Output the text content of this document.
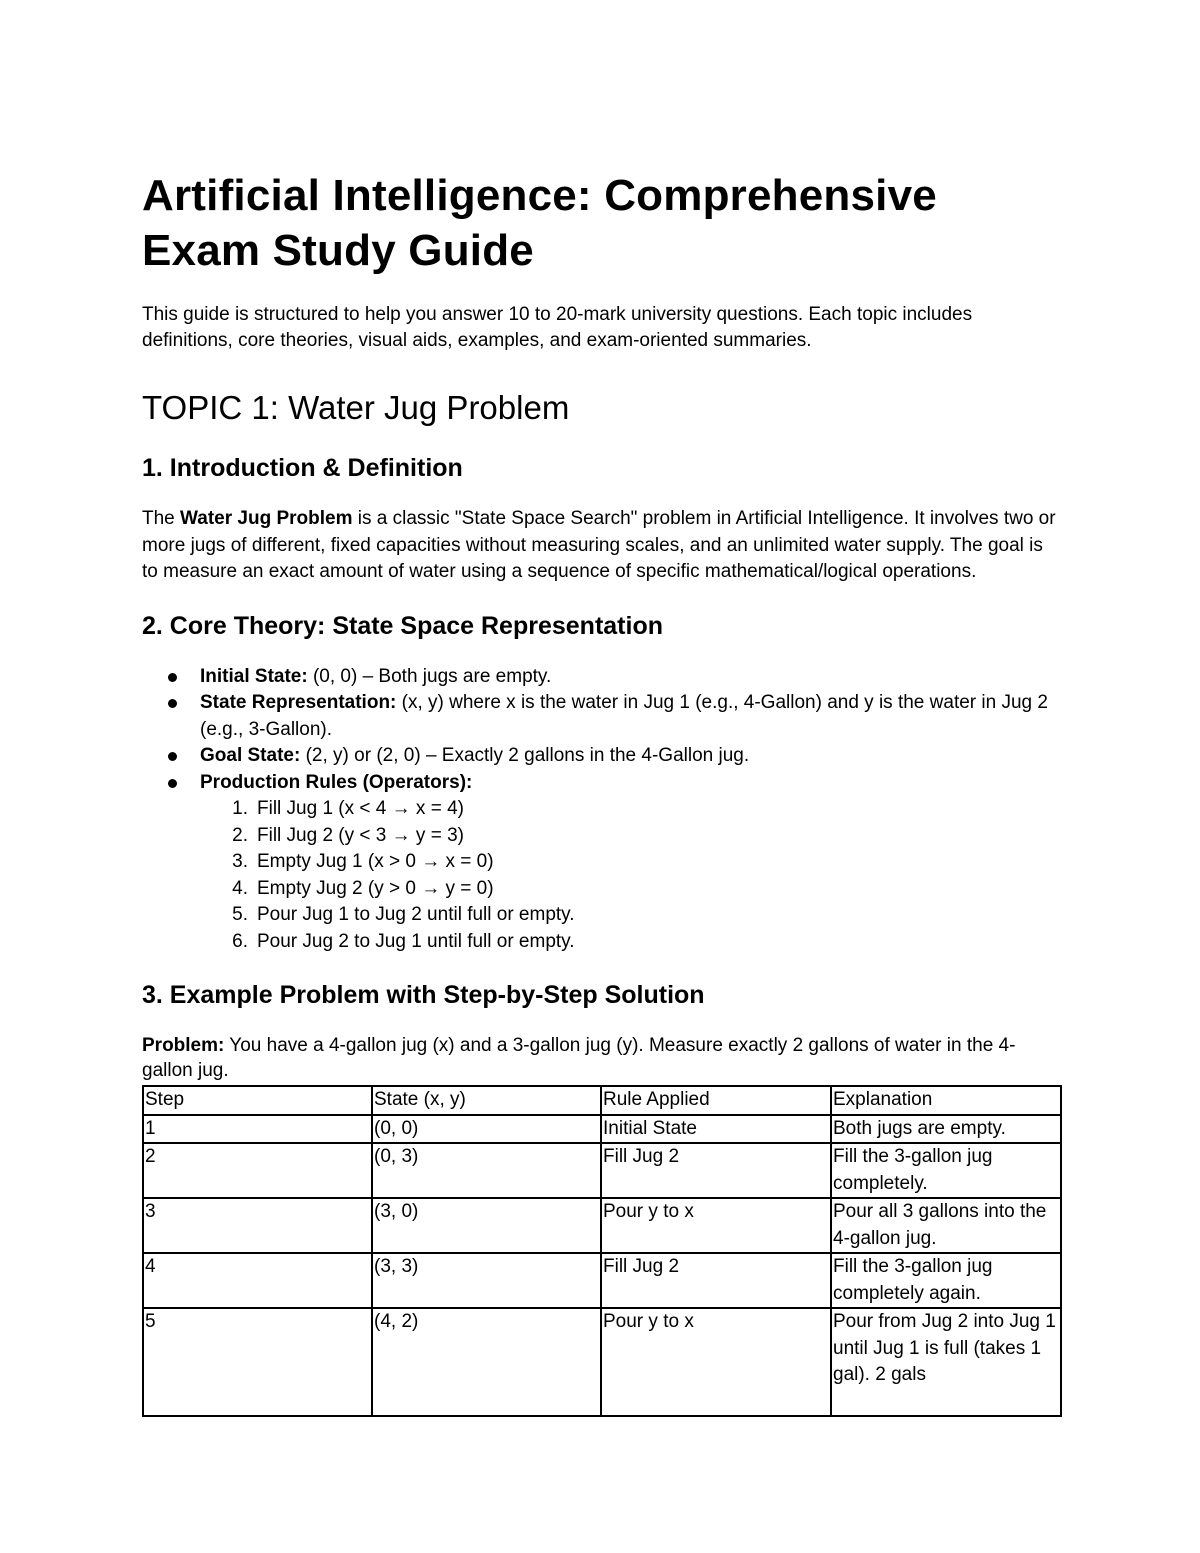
Artificial Intelligence: Comprehensive Exam Study Guide

This guide is structured to help you answer 10 to 20-mark university questions. Each topic includes definitions, core theories, visual aids, examples, and exam-oriented summaries.

TOPIC 1: Water Jug Problem
1. Introduction & Definition

The Water Jug Problem is a classic "State Space Search" problem in Artificial Intelligence. It involves two or more jugs of different, fixed capacities without measuring scales, and an unlimited water supply. The goal is to measure an exact amount of water using a sequence of specific mathematical/logical operations.

2. Core Theory: State Space Representation
Initial State: (0, 0) – Both jugs are empty.
State Representation: (x, y) where x is the water in Jug 1 (e.g., 4-Gallon) and y is the water in Jug 2 (e.g., 3-Gallon).
Goal State: (2, y) or (2, 0) – Exactly 2 gallons in the 4-Gallon jug.
Production Rules (Operators):
1. Fill Jug 1 (x < 4 → x = 4)
2. Fill Jug 2 (y < 3 → y = 3)
3. Empty Jug 1 (x > 0 → x = 0)
4. Empty Jug 2 (y > 0 → y = 0)
5. Pour Jug 1 to Jug 2 until full or empty.
6. Pour Jug 2 to Jug 1 until full or empty.
3. Example Problem with Step-by-Step Solution

Problem: You have a 4-gallon jug (x) and a 3-gallon jug (y). Measure exactly 2 gallons of water in the 4-gallon jug.

Step	State (x, y)	Rule Applied	Explanation
1	(0, 0)	Initial State	Both jugs are empty.
2	(0, 3)	Fill Jug 2	Fill the 3-gallon jug completely.
3	(3, 0)	Pour y to x	Pour all 3 gallons into the 4-gallon jug.
4	(3, 3)	Fill Jug 2	Fill the 3-gallon jug completely again.
5	(4, 2)	Pour y to x	Pour from Jug 2 into Jug 1 until Jug 1 is full (takes 1 gal). 2 gals
